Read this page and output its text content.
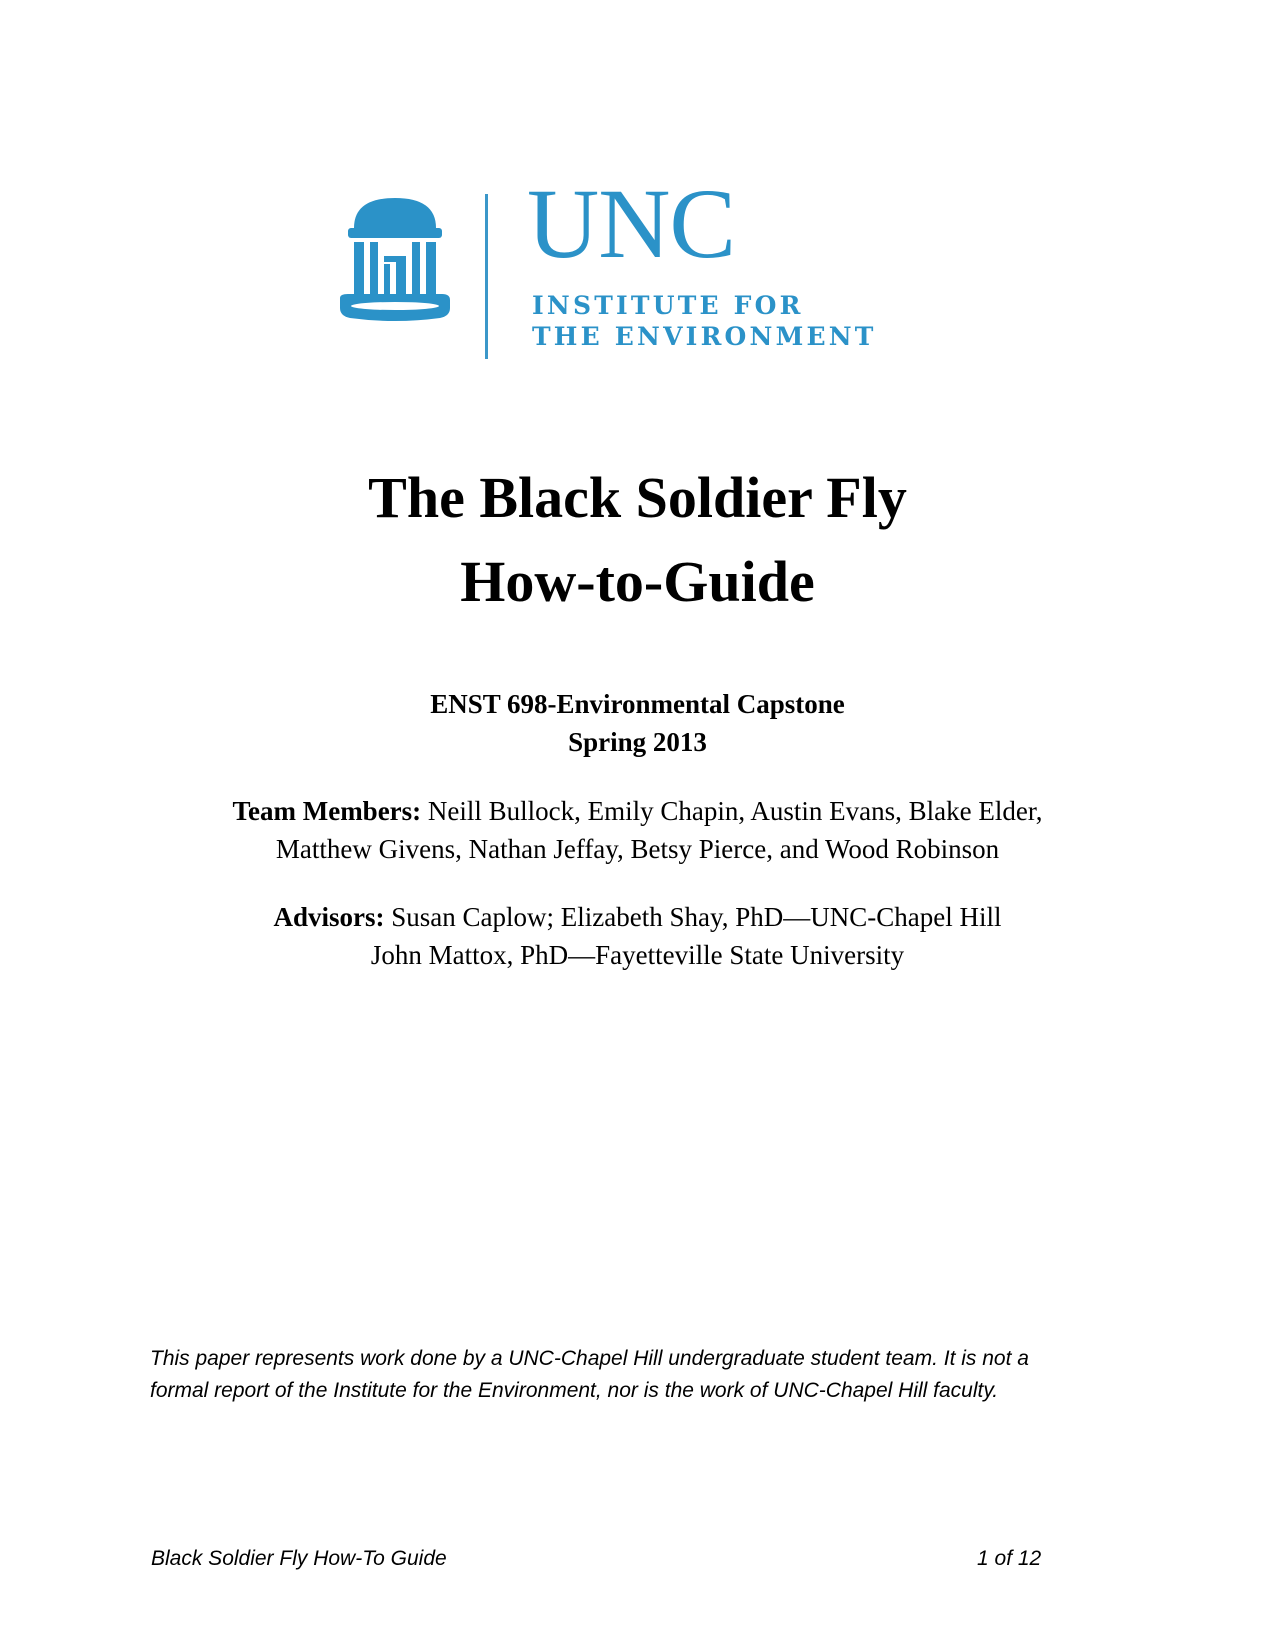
UNC
INSTITUTE FOR
THE ENVIRONMENT
The Black Soldier Fly
How-to-Guide
ENST 698-Environmental Capstone
Spring 2013
Team Members: Neill Bullock, Emily Chapin, Austin Evans, Blake Elder,
Matthew Givens, Nathan Jeffay, Betsy Pierce, and Wood Robinson
Advisors: Susan Caplow; Elizabeth Shay, PhD—UNC-Chapel Hill
John Mattox, PhD—Fayetteville State University
This paper represents work done by a UNC-Chapel Hill undergraduate student team. It is not a
formal report of the Institute for the Environment, nor is the work of UNC-Chapel Hill faculty.
Black Soldier Fly How-To Guide	1 of 12
